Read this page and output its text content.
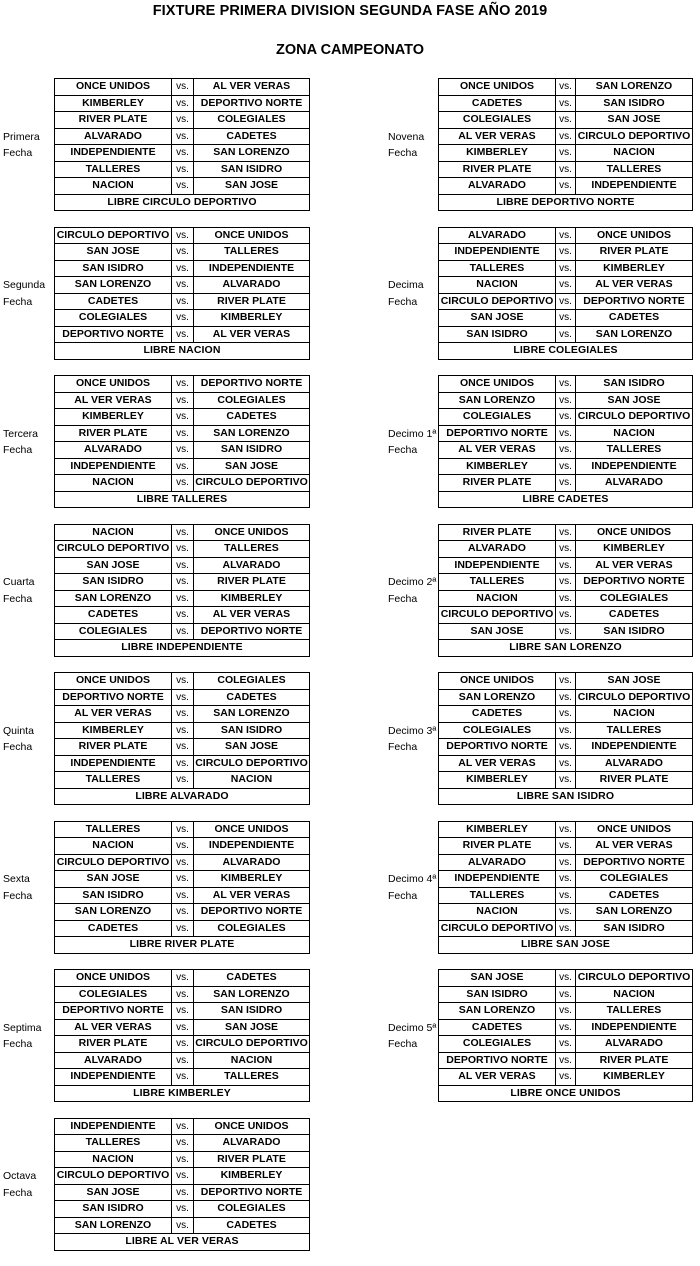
FIXTURE PRIMERA DIVISION SEGUNDA FASE AÑO 2019
ZONA CAMPEONATO
Primera
Fecha
ONCE UNIDOS	vs.	AL VER VERAS
KIMBERLEY	vs.	DEPORTIVO NORTE
RIVER PLATE	vs.	COLEGIALES
ALVARADO	vs.	CADETES
INDEPENDIENTE	vs.	SAN LORENZO
TALLERES	vs.	SAN ISIDRO
NACION	vs.	SAN JOSE
LIBRE CIRCULO DEPORTIVO		
Segunda
Fecha
CIRCULO DEPORTIVO	vs.	ONCE UNIDOS
SAN JOSE	vs.	TALLERES
SAN ISIDRO	vs.	INDEPENDIENTE
SAN LORENZO	vs.	ALVARADO
CADETES	vs.	RIVER PLATE
COLEGIALES	vs.	KIMBERLEY
DEPORTIVO NORTE	vs.	AL VER VERAS
LIBRE NACION		
Tercera
Fecha
ONCE UNIDOS	vs.	DEPORTIVO NORTE
AL VER VERAS	vs.	COLEGIALES
KIMBERLEY	vs.	CADETES
RIVER PLATE	vs.	SAN LORENZO
ALVARADO	vs.	SAN ISIDRO
INDEPENDIENTE	vs.	SAN JOSE
NACION	vs.	CIRCULO DEPORTIVO
LIBRE TALLERES		
Cuarta
Fecha
NACION	vs.	ONCE UNIDOS
CIRCULO DEPORTIVO	vs.	TALLERES
SAN JOSE	vs.	ALVARADO
SAN ISIDRO	vs.	RIVER PLATE
SAN LORENZO	vs.	KIMBERLEY
CADETES	vs.	AL VER VERAS
COLEGIALES	vs.	DEPORTIVO NORTE
LIBRE INDEPENDIENTE		
Quinta
Fecha
ONCE UNIDOS	vs.	COLEGIALES
DEPORTIVO NORTE	vs.	CADETES
AL VER VERAS	vs.	SAN LORENZO
KIMBERLEY	vs.	SAN ISIDRO
RIVER PLATE	vs.	SAN JOSE
INDEPENDIENTE	vs.	CIRCULO DEPORTIVO
TALLERES	vs.	NACION
LIBRE ALVARADO		
Sexta
Fecha
TALLERES	vs.	ONCE UNIDOS
NACION	vs.	INDEPENDIENTE
CIRCULO DEPORTIVO	vs.	ALVARADO
SAN JOSE	vs.	KIMBERLEY
SAN ISIDRO	vs.	AL VER VERAS
SAN LORENZO	vs.	DEPORTIVO NORTE
CADETES	vs.	COLEGIALES
LIBRE RIVER PLATE		
Septima
Fecha
ONCE UNIDOS	vs.	CADETES
COLEGIALES	vs.	SAN LORENZO
DEPORTIVO NORTE	vs.	SAN ISIDRO
AL VER VERAS	vs.	SAN JOSE
RIVER PLATE	vs.	CIRCULO DEPORTIVO
ALVARADO	vs.	NACION
INDEPENDIENTE	vs.	TALLERES
LIBRE KIMBERLEY		
Octava
Fecha
INDEPENDIENTE	vs.	ONCE UNIDOS
TALLERES	vs.	ALVARADO
NACION	vs.	RIVER PLATE
CIRCULO DEPORTIVO	vs.	KIMBERLEY
SAN JOSE	vs.	DEPORTIVO NORTE
SAN ISIDRO	vs.	COLEGIALES
SAN LORENZO	vs.	CADETES
LIBRE AL VER VERAS		
Novena
Fecha
ONCE UNIDOS	vs.	SAN LORENZO
CADETES	vs.	SAN ISIDRO
COLEGIALES	vs.	SAN JOSE
AL VER VERAS	vs.	CIRCULO DEPORTIVO
KIMBERLEY	vs.	NACION
RIVER PLATE	vs.	TALLERES
ALVARADO	vs.	INDEPENDIENTE
LIBRE DEPORTIVO NORTE		
Decima
Fecha
ALVARADO	vs.	ONCE UNIDOS
INDEPENDIENTE	vs.	RIVER PLATE
TALLERES	vs.	KIMBERLEY
NACION	vs.	AL VER VERAS
CIRCULO DEPORTIVO	vs.	DEPORTIVO NORTE
SAN JOSE	vs.	CADETES
SAN ISIDRO	vs.	SAN LORENZO
LIBRE COLEGIALES		
Decimo 1ª
Fecha
ONCE UNIDOS	vs.	SAN ISIDRO
SAN LORENZO	vs.	SAN JOSE
COLEGIALES	vs.	CIRCULO DEPORTIVO
DEPORTIVO NORTE	vs.	NACION
AL VER VERAS	vs.	TALLERES
KIMBERLEY	vs.	INDEPENDIENTE
RIVER PLATE	vs.	ALVARADO
LIBRE CADETES		
Decimo 2ª
Fecha
RIVER PLATE	vs.	ONCE UNIDOS
ALVARADO	vs.	KIMBERLEY
INDEPENDIENTE	vs.	AL VER VERAS
TALLERES	vs.	DEPORTIVO NORTE
NACION	vs.	COLEGIALES
CIRCULO DEPORTIVO	vs.	CADETES
SAN JOSE	vs.	SAN ISIDRO
LIBRE SAN LORENZO		
Decimo 3ª
Fecha
ONCE UNIDOS	vs.	SAN JOSE
SAN LORENZO	vs.	CIRCULO DEPORTIVO
CADETES	vs.	NACION
COLEGIALES	vs.	TALLERES
DEPORTIVO NORTE	vs.	INDEPENDIENTE
AL VER VERAS	vs.	ALVARADO
KIMBERLEY	vs.	RIVER PLATE
LIBRE SAN ISIDRO		
Decimo 4ª
Fecha
KIMBERLEY	vs.	ONCE UNIDOS
RIVER PLATE	vs.	AL VER VERAS
ALVARADO	vs.	DEPORTIVO NORTE
INDEPENDIENTE	vs.	COLEGIALES
TALLERES	vs.	CADETES
NACION	vs.	SAN LORENZO
CIRCULO DEPORTIVO	vs.	SAN ISIDRO
LIBRE SAN JOSE		
Decimo 5ª
Fecha
SAN JOSE	vs.	CIRCULO DEPORTIVO
SAN ISIDRO	vs.	NACION
SAN LORENZO	vs.	TALLERES
CADETES	vs.	INDEPENDIENTE
COLEGIALES	vs.	ALVARADO
DEPORTIVO NORTE	vs.	RIVER PLATE
AL VER VERAS	vs.	KIMBERLEY
LIBRE ONCE UNIDOS		
